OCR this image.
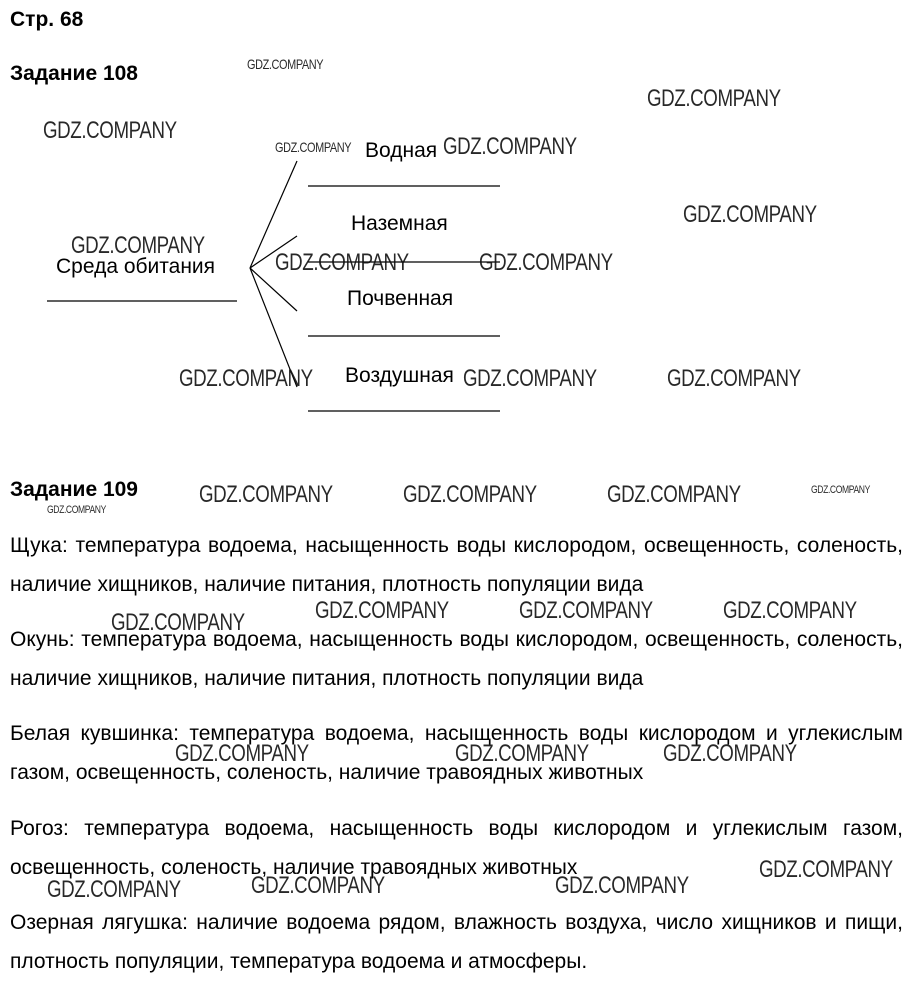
Стр. 68
Задание 108
Среда обитания
Водная
Наземная
Почвенная
Воздушная
Задание 109
Щука: температура водоема, насыщенность воды кислородом, освещенность, соленость, наличие хищников, наличие питания, плотность популяции вида
Окунь: температура водоема, насыщенность воды кислородом, освещенность, соленость, наличие хищников, наличие питания, плотность популяции вида
Белая кувшинка: температура водоема, насыщенность воды кислородом и углекислым газом, освещенность, соленость, наличие травоядных животных
Рогоз: температура водоема, насыщенность воды кислородом и углекислым газом, освещенность, соленость, наличие травоядных животных
Озерная лягушка: наличие водоема рядом, влажность воздуха, число хищников и пищи, плотность популяции, температура водоема и атмосферы.
GDZ.COMPANY
GDZ.COMPANY
GDZ.COMPANY
GDZ.COMPANY	GDZ.COMPANY
GDZ.COMPANY
GDZ.COMPANY
GDZ.COMPANY	GDZ.COMPANY
GDZ.COMPANY	GDZ.COMPANY	GDZ.COMPANY
GDZ.COMPANY	GDZ.COMPANY	GDZ.COMPANY	GDZ.COMPANY
GDZ.COMPANY
GDZ.COMPANY	GDZ.COMPANY	GDZ.COMPANY
GDZ.COMPANY
GDZ.COMPANY	GDZ.COMPANY	GDZ.COMPANY
GDZ.COMPANY
GDZ.COMPANY	GDZ.COMPANY
GDZ.COMPANY
